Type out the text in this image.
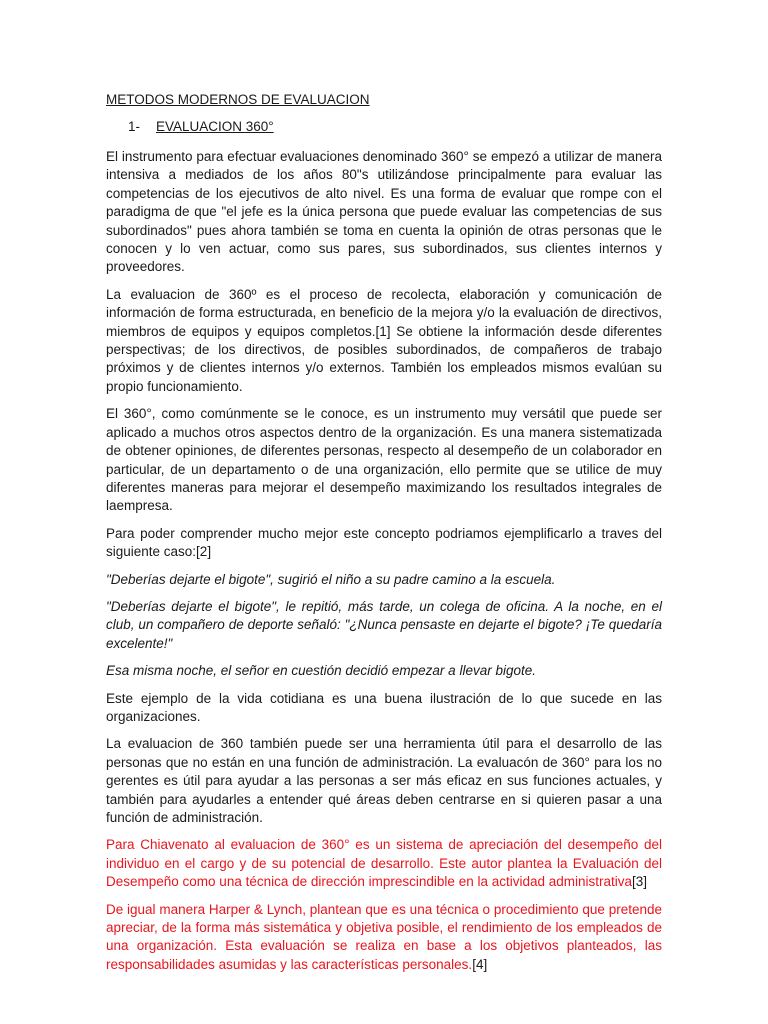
METODOS MODERNOS DE EVALUACION
1- EVALUACION 360°

El instrumento para efectuar evaluaciones denominado 360° se empezó a utilizar de manera intensiva a mediados de los años 80"s utilizándose principalmente para evaluar las competencias de los ejecutivos de alto nivel. Es una forma de evaluar que rompe con el paradigma de que "el jefe es la única persona que puede evaluar las competencias de sus subordinados" pues ahora también se toma en cuenta la opinión de otras personas que le conocen y lo ven actuar, como sus pares, sus subordinados, sus clientes internos y proveedores.

La evaluacion de 360º es el proceso de recolecta, elaboración y comunicación de información de forma estructurada, en beneficio de la mejora y/o la evaluación de directivos, miembros de equipos y equipos completos.[1] Se obtiene la información desde diferentes perspectivas; de los directivos, de posibles subordinados, de compañeros de trabajo próximos y de clientes internos y/o externos. También los empleados mismos evalúan su propio funcionamiento.

El 360°, como comúnmente se le conoce, es un instrumento muy versátil que puede ser aplicado a muchos otros aspectos dentro de la organización. Es una manera sistematizada de obtener opiniones, de diferentes personas, respecto al desempeño de un colaborador en particular, de un departamento o de una organización, ello permite que se utilice de muy diferentes maneras para mejorar el desempeño maximizando los resultados integrales de laempresa.

Para poder comprender mucho mejor este concepto podriamos ejemplificarlo a traves del siguiente caso:[2]

"Deberías dejarte el bigote", sugirió el niño a su padre camino a la escuela.

"Deberías dejarte el bigote", le repitió, más tarde, un colega de oficina. A la noche, en el club, un compañero de deporte señaló: "¿Nunca pensaste en dejarte el bigote? ¡Te quedaría excelente!"

Esa misma noche, el señor en cuestión decidió empezar a llevar bigote.

Este ejemplo de la vida cotidiana es una buena ilustración de lo que sucede en las organizaciones.

La evaluacion de 360 también puede ser una herramienta útil para el desarrollo de las personas que no están en una función de administración. La evaluacón de 360° para los no gerentes es útil para ayudar a las personas a ser más eficaz en sus funciones actuales, y también para ayudarles a entender qué áreas deben centrarse en si quieren pasar a una función de administración.

Para Chiavenato al evaluacion de 360° es un sistema de apreciación del desempeño del individuo en el cargo y de su potencial de desarrollo. Este autor plantea la Evaluación del Desempeño como una técnica de dirección imprescindible en la actividad administrativa[3]

De igual manera Harper & Lynch, plantean que es una técnica o procedimiento que pretende apreciar, de la forma más sistemática y objetiva posible, el rendimiento de los empleados de una organización. Esta evaluación se realiza en base a los objetivos planteados, las responsabilidades asumidas y las características personales.[4]
